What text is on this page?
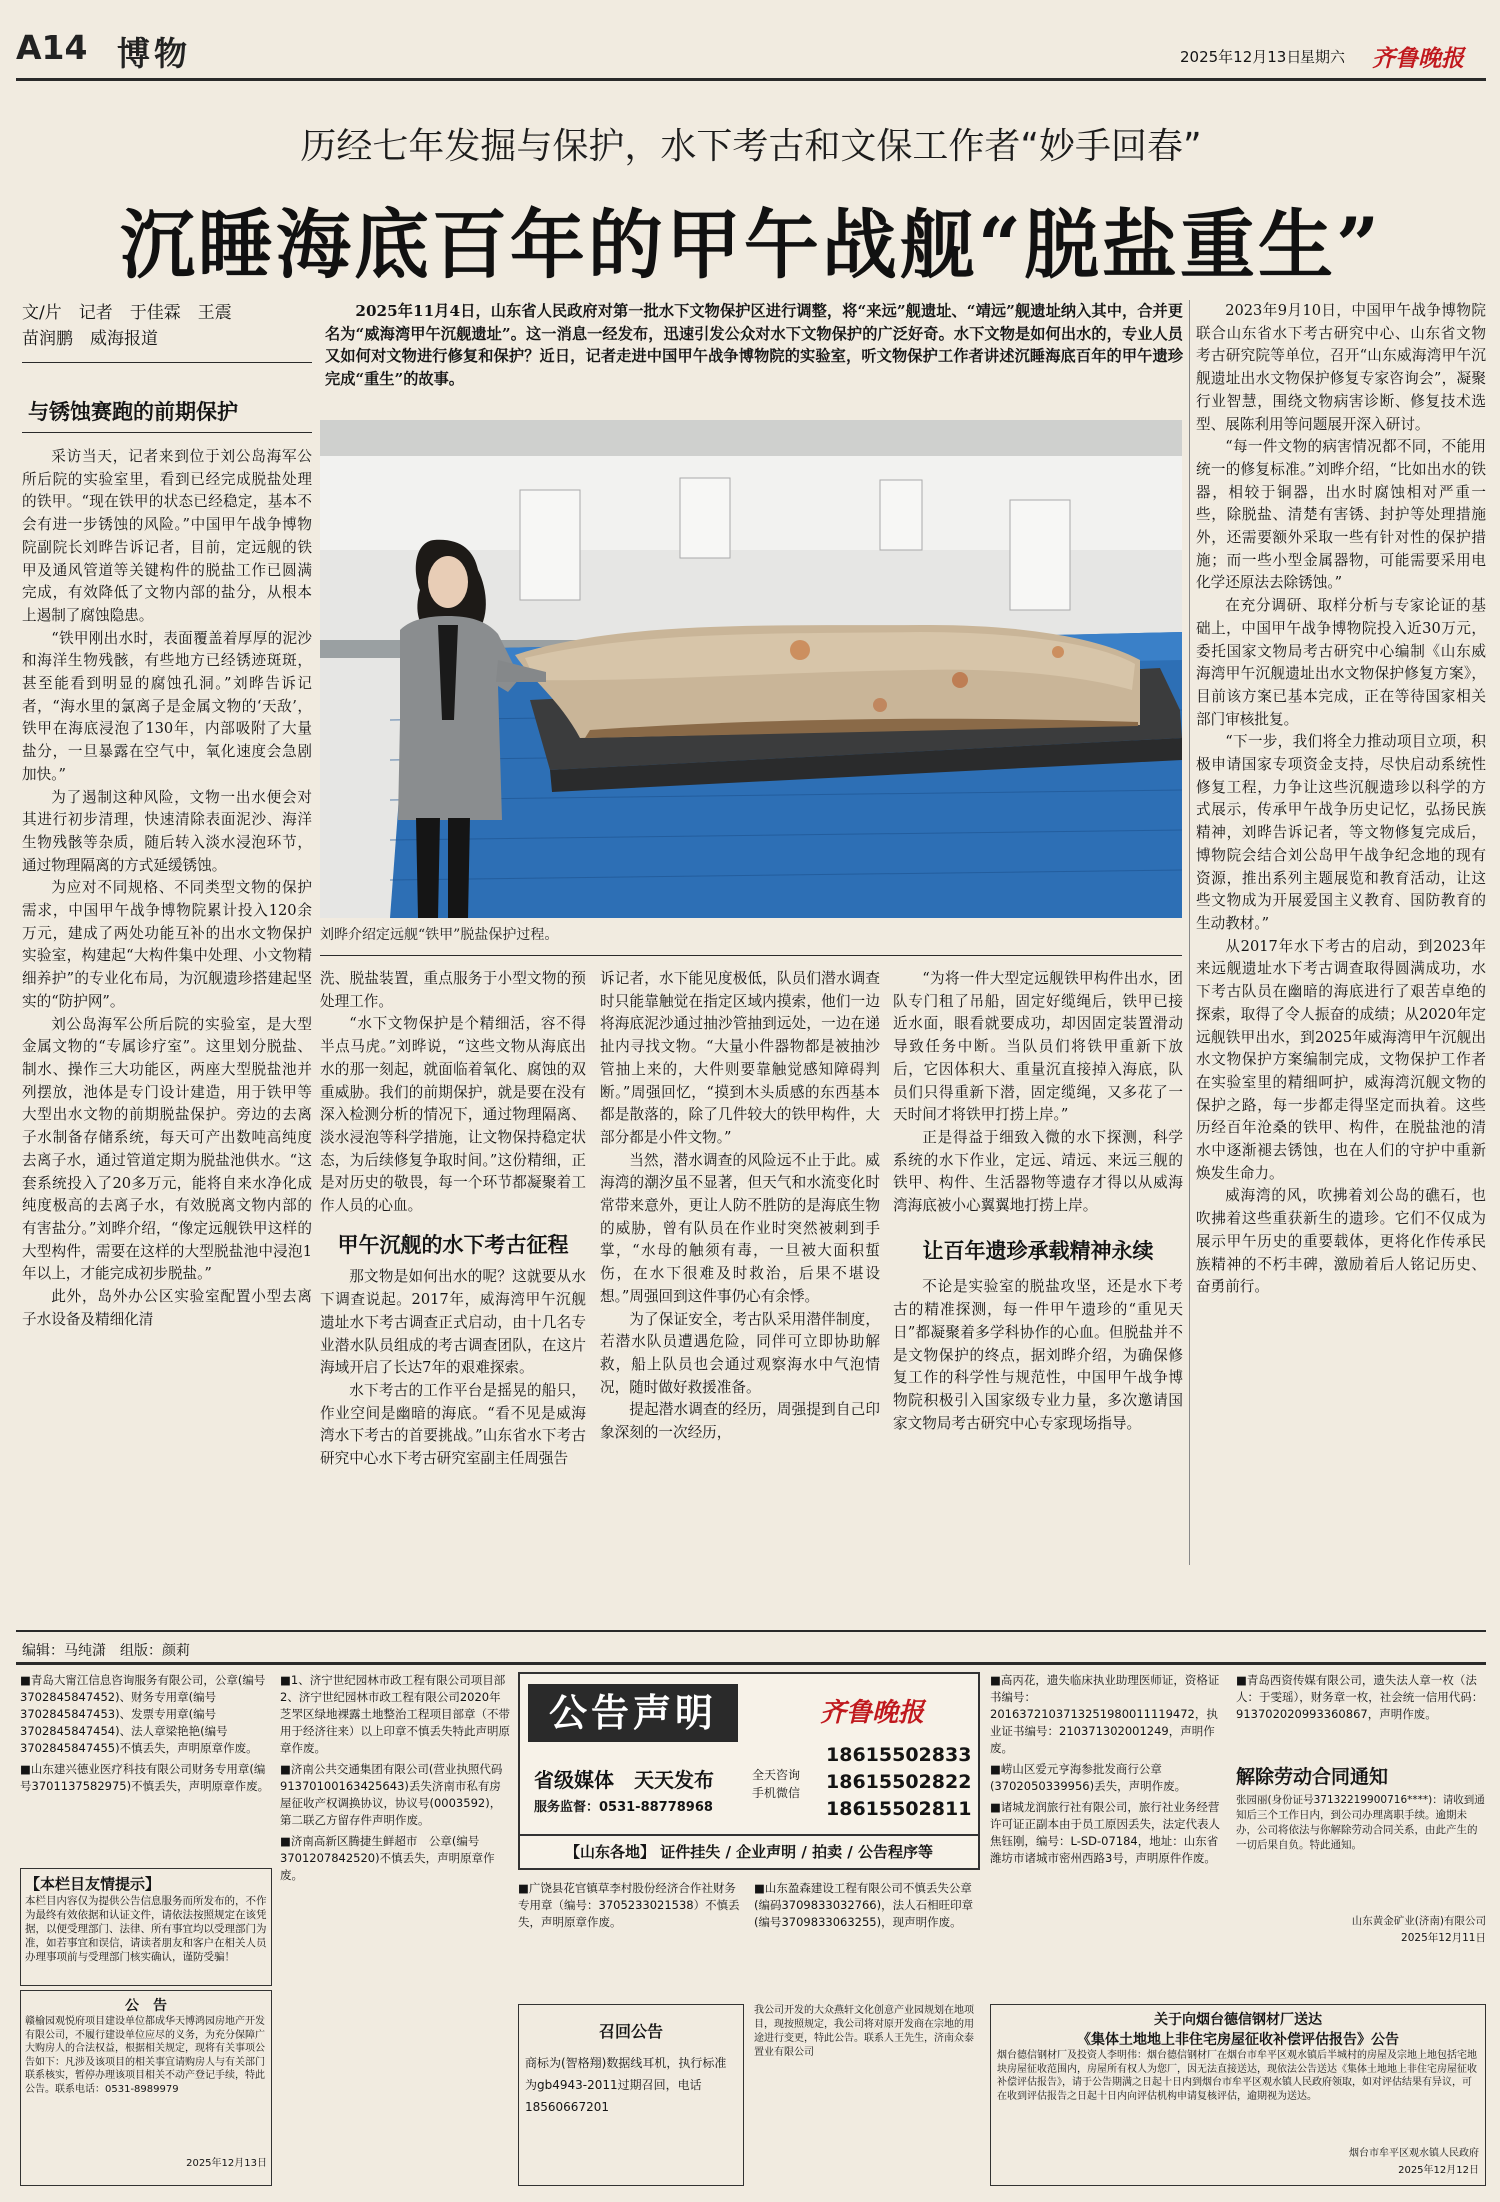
A14 博物	2025年12月13日
星期六 齐鲁晚报
历经七年发掘与保护，水下考古和文保工作者“妙手回春”
沉睡海底百年的甲午战舰“脱盐重生”
文/片　记者　于佳霖　王震
苗润鹏　威海报道
与锈蚀赛跑的前期保护
2025年11月4日，山东省人民政府对第一批水下文物保护区进行调整，将“来远”舰遗址、“靖远”舰遗址纳入其中，合并更名为“威海湾甲午沉舰遗址”。这一消息一经发布，迅速引发公众对水下文物保护的广泛好奇。水下文物是如何出水的，专业人员又如何对文物进行修复和保护？近日，记者走进中国甲午战争博物院的实验室，听文物保护工作者讲述沉睡海底百年的甲午遗珍完成“重生”的故事。
刘晔介绍定远舰“铁甲”脱盐保护过程。

采访当天，记者来到位于刘公岛海军公所后院的实验室里，看到已经完成脱盐处理的铁甲。“现在铁甲的状态已经稳定，基本不会有进一步锈蚀的风险。”中国甲午战争博物院副院长刘晔告诉记者，目前，定远舰的铁甲及通风管道等关键构件的脱盐工作已圆满完成，有效降低了文物内部的盐分，从根本上遏制了腐蚀隐患。

“铁甲刚出水时，表面覆盖着厚厚的泥沙和海洋生物残骸，有些地方已经锈迹斑斑，甚至能看到明显的腐蚀孔洞。”刘晔告诉记者，“海水里的氯离子是金属文物的‘天敌’，铁甲在海底浸泡了130年，内部吸附了大量盐分，一旦暴露在空气中，氧化速度会急剧加快。”

为了遏制这种风险，文物一出水便会对其进行初步清理，快速清除表面泥沙、海洋生物残骸等杂质，随后转入淡水浸泡环节，通过物理隔离的方式延缓锈蚀。

为应对不同规格、不同类型文物的保护需求，中国甲午战争博物院累计投入120余万元，建成了两处功能互补的出水文物保护实验室，构建起“大构件集中处理、小文物精细养护”的专业化布局，为沉舰遗珍搭建起坚实的“防护网”。

刘公岛海军公所后院的实验室，是大型金属文物的“专属诊疗室”。这里划分脱盐、制水、操作三大功能区，两座大型脱盐池并列摆放，池体是专门设计建造，用于铁甲等大型出水文物的前期脱盐保护。旁边的去离子水制备存储系统，每天可产出数吨高纯度去离子水，通过管道定期为脱盐池供水。“这套系统投入了20多万元，能将自来水净化成纯度极高的去离子水，有效脱离文物内部的有害盐分。”刘晔介绍，“像定远舰铁甲这样的大型构件，需要在这样的大型脱盐池中浸泡1年以上，才能完成初步脱盐。”

此外，岛外办公区实验室配置小型去离子水设备及精细化清

洗、脱盐装置，重点服务于小型文物的预处理工作。

“水下文物保护是个精细活，容不得半点马虎。”刘晔说，“这些文物从海底出水的那一刻起，就面临着氧化、腐蚀的双重威胁。我们的前期保护，就是要在没有深入检测分析的情况下，通过物理隔离、淡水浸泡等科学措施，让文物保持稳定状态，为后续修复争取时间。”这份精细，正是对历史的敬畏，每一个环节都凝聚着工作人员的心血。

甲午沉舰的水下考古征程

那文物是如何出水的呢？这就要从水下调查说起。2017年，威海湾甲午沉舰遗址水下考古调查正式启动，由十几名专业潜水队员组成的考古调查团队，在这片海域开启了长达7年的艰难探索。

水下考古的工作平台是摇晃的船只，作业空间是幽暗的海底。“看不见是威海湾水下考古的首要挑战。”山东省水下考古研究中心水下考古研究室副主任周强告

诉记者，水下能见度极低，队员们潜水调查时只能靠触觉在指定区域内摸索，他们一边将海底泥沙通过抽沙管抽到远处，一边在递扯内寻找文物。“大量小件器物都是被抽沙管抽上来的，大件则要靠触觉感知障碍判断。”周强回忆，“摸到木头质感的东西基本都是散落的，除了几件较大的铁甲构件，大部分都是小件文物。”

当然，潜水调查的风险远不止于此。威海湾的潮汐虽不显著，但天气和水流变化时常带来意外，更让人防不胜防的是海底生物的威胁，曾有队员在作业时突然被刺到手掌，“水母的触须有毒，一旦被大面积蜇伤，在水下很难及时救治，后果不堪设想。”周强回到这件事仍心有余悸。

为了保证安全，考古队采用潜伴制度，若潜水队员遭遇危险，同伴可立即协助解救，船上队员也会通过观察海水中气泡情况，随时做好救援准备。

提起潜水调查的经历，周强提到自己印象深刻的一次经历，

“为将一件大型定远舰铁甲构件出水，团队专门租了吊船，固定好缆绳后，铁甲已接近水面，眼看就要成功，却因固定装置滑动导致任务中断。当队员们将铁甲重新下放后，它因体积大、重量沉直接掉入海底，队员们只得重新下潜，固定缆绳，又多花了一天时间才将铁甲打捞上岸。”

正是得益于细致入微的水下探测，科学系统的水下作业，定远、靖远、来远三舰的铁甲、构件、生活器物等遗存才得以从威海湾海底被小心翼翼地打捞上岸。

让百年遗珍承载精神永续

不论是实验室的脱盐攻坚，还是水下考古的精准探测，每一件甲午遗珍的“重见天日”都凝聚着多学科协作的心血。但脱盐并不是文物保护的终点，据刘晔介绍，为确保修复工作的科学性与规范性，中国甲午战争博物院积极引入国家级专业力量，多次邀请国家文物局考古研究中心专家现场指导。

2023年9月10日，中国甲午战争博物院联合山东省水下考古研究中心、山东省文物考古研究院等单位，召开“山东威海湾甲午沉舰遗址出水文物保护修复专家咨询会”，凝聚行业智慧，围绕文物病害诊断、修复技术选型、展陈利用等问题展开深入研讨。

“每一件文物的病害情况都不同，不能用统一的修复标准。”刘晔介绍，“比如出水的铁器，相较于铜器，出水时腐蚀相对严重一些，除脱盐、清楚有害锈、封护等处理措施外，还需要额外采取一些有针对性的保护措施；而一些小型金属器物，可能需要采用电化学还原法去除锈蚀。”

在充分调研、取样分析与专家论证的基础上，中国甲午战争博物院投入近30万元，委托国家文物局考古研究中心编制《山东威海湾甲午沉舰遗址出水文物保护修复方案》，目前该方案已基本完成，正在等待国家相关部门审核批复。

“下一步，我们将全力推动项目立项，积极申请国家专项资金支持，尽快启动系统性修复工程，力争让这些沉舰遗珍以科学的方式展示，传承甲午战争历史记忆，弘扬民族精神，刘晔告诉记者，等文物修复完成后，博物院会结合刘公岛甲午战争纪念地的现有资源，推出系列主题展览和教育活动，让这些文物成为开展爱国主义教育、国防教育的生动教材。”

从2017年水下考古的启动，到2023年来远舰遗址水下考古调查取得圆满成功，水下考古队员在幽暗的海底进行了艰苦卓绝的探索，取得了令人振奋的成绩；从2020年定远舰铁甲出水，到2025年威海湾甲午沉舰出水文物保护方案编制完成，文物保护工作者在实验室里的精细呵护，威海湾沉舰文物的保护之路，每一步都走得坚定而执着。这些历经百年沧桑的铁甲、构件，在脱盐池的清水中逐渐褪去锈蚀，也在人们的守护中重新焕发生命力。

威海湾的风，吹拂着刘公岛的礁石，也吹拂着这些重获新生的遗珍。它们不仅成为展示甲午历史的重要载体，更将化作传承民族精神的不朽丰碑，激励着后人铭记历史、奋勇前行。

编辑：马纯潇　组版：颜莉
■ 青岛大甯江信息咨询服务有限公司，公章(编号3702845847452)、财务专用章(编号3702845847453)、发票专用章(编号3702845847454)、法人章梁艳艳(编号3702845847455)不慎丢失，声明原章作废。
■ 山东建兴德业医疗科技有限公司财务专用章(编号3701137582975)不慎丢失，声明原章作废。
【本栏目友情提示】
本栏目内容仅为提供公告信息服务而所发布的，不作为最终有效依据和认证文件，请依法按照规定在该凭据，以便受理部门、法律、所有事宜均以受理部门为准，如若事宜和误信，请读者朋友和客户在相关人员办理事项前与受理部门核实确认，谨防受骗！
公　告
赣榆园观悦府项目建设单位都成华天博鸿园房地产开发有限公司，不履行建设单位应尽的义务，为充分保障广大购房人的合法权益，根据相关规定，现将有关事项公告如下：凡涉及该项目的相关事宜请购房人与有关部门联系核实，暂停办理该项目相关不动产登记手续，特此公告。联系电话：0531-8989979
2025年12月13日
■ 1、济宁世纪园林市政工程有限公司项目部 2、济宁世纪园林市政工程有限公司2020年芝罘区绿地裸露土地整治工程项目部章（不带用于经济往来）以上印章不慎丢失特此声明原章作废。
■ 济南公共交通集团有限公司(营业执照代码91370100163425643)丢失济南市私有房屋征收产权调换协议，协议号(0003592)，第二联乙方留存件声明作废。
■ 济南高新区腾捷生鲜超市　公章(编号3701207842520)不慎丢失，声明原章作废。
公告声明	齐鲁晚报
省级媒体　天天发布
服务监督：0531-88778968
全天咨询
手机微信
18615502833
18615502822
18615502811
【山东各地】 证件挂失 / 企业声明 / 拍卖 / 公告程序等
■ 广饶县花官镇草李村股份经济合作社财务专用章（编号：3705233021538）不慎丢失，声明原章作废。
■ 山东盈森建设工程有限公司不慎丢失公章(编码3709833032766)，法人石相旺印章(编号3709833063255)，现声明作废。
召回公告
商标为(智格翔)数据线耳机，执行标准为gb4943-2011过期召回，电话18560667201
我公司开发的大众燕轩文化创意产业园规划在地项目，现按照规定，我公司将对原开发商在宗地的用途进行变更，特此公告。联系人王先生，济南众泰置业有限公司
■ 高丙花，遗失临床执业助理医师证，资格证书编号：2016372103713251980011119472，执业证书编号：210371302001249，声明作废。
■ 崂山区爱元亨海参批发商行公章(3702050339956)丢失，声明作废。
■ 诸城龙润旅行社有限公司，旅行社业务经营许可证正副本由于员工原因丢失，法定代表人焦钰刚，编号：L-SD-07184，地址：山东省潍坊市诸城市密州西路3号，声明原件作废。
■ 青岛西资传媒有限公司，遗失法人章一枚（法人：于雯瑶），财务章一枚，社会统一信用代码：913702020993360867，声明作废。
解除劳动合同通知
张园丽(身份证号37132219900716****)：请收到通知后三个工作日内，到公司办理离职手续。逾期未办，公司将依法与你解除劳动合同关系，由此产生的一切后果自负。特此通知。
山东黄金矿业(济南)有限公司
2025年12月11日
关于向烟台德信钢材厂送达
《集体土地地上非住宅房屋征收补偿评估报告》公告
烟台德信钢材厂及投资人李明伟：烟台德信钢材厂在烟台市牟平区观水镇后半城村的房屋及宗地上地包括宅地块房屋征收范围内，房屋所有权人为您厂，因无法直接送达，现依法公告送达《集体土地地上非住宅房屋征收补偿评估报告》，请于公告期满之日起十日内到烟台市牟平区观水镇人民政府领取，如对评估结果有异议，可在收到评估报告之日起十日内向评估机构申请复核评估，逾期视为送达。
烟台市牟平区观水镇人民政府
2025年12月12日
